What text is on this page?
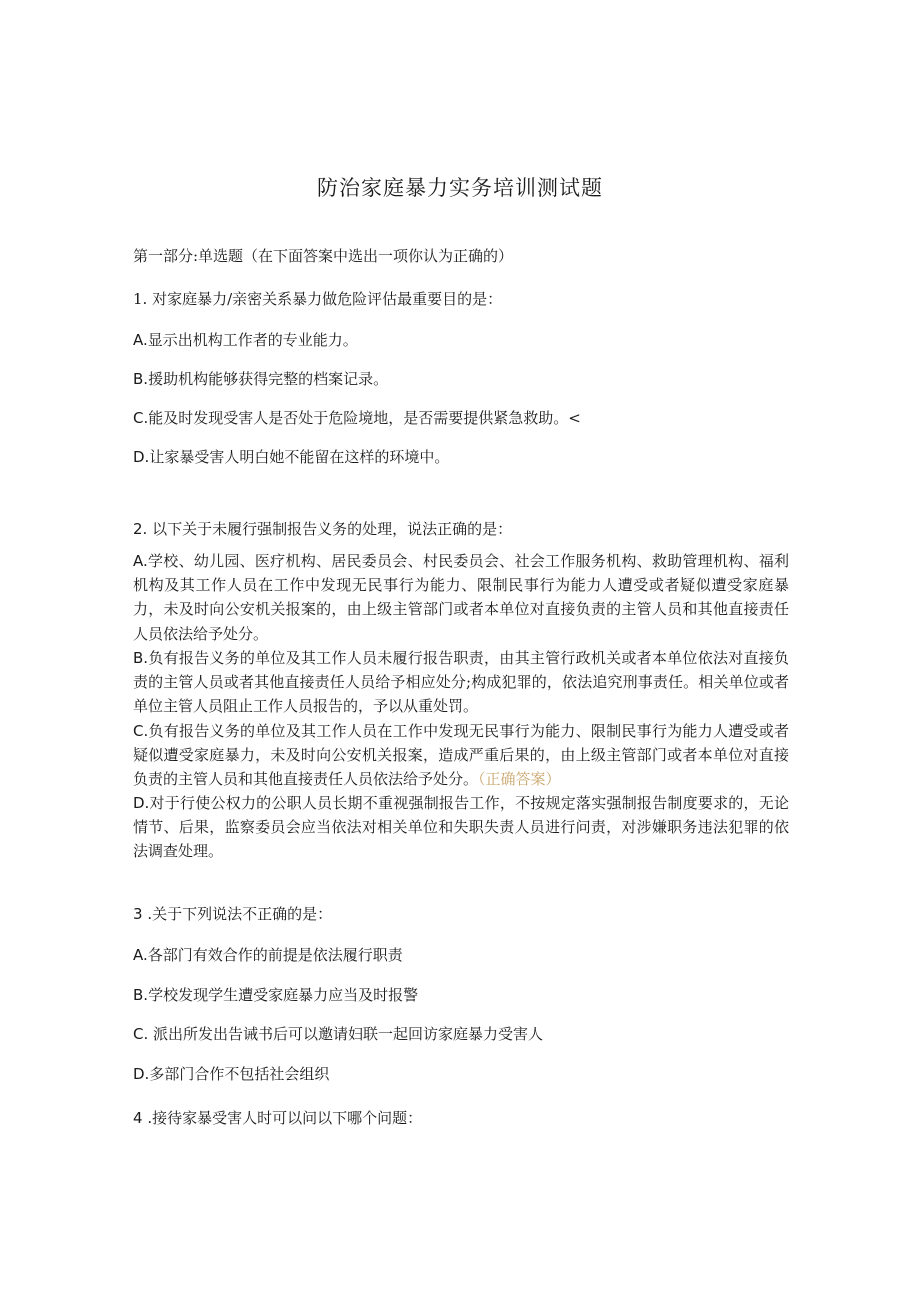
防治家庭暴力实务培训测试题
第一部分:单选题（在下面答案中选出一项你认为正确的）
1. 对家庭暴力/亲密关系暴力做危险评估最重要目的是：
A.显示出机构工作者的专业能力。
B.援助机构能够获得完整的档案记录。
C.能及时发现受害人是否处于危险境地，是否需要提供紧急救助。<
D.让家暴受害人明白她不能留在这样的环境中。
2. 以下关于未履行强制报告义务的处理，说法正确的是：
A.学校、幼儿园、医疗机构、居民委员会、村民委员会、社会工作服务机构、救助管理机构、福利机构及其工作人员在工作中发现无民事行为能力、限制民事行为能力人遭受或者疑似遭受家庭暴力，未及时向公安机关报案的，由上级主管部门或者本单位对直接负责的主管人员和其他直接责任人员依法给予处分。
B.负有报告义务的单位及其工作人员未履行报告职责，由其主管行政机关或者本单位依法对直接负责的主管人员或者其他直接责任人员给予相应处分;构成犯罪的，依法追究刑事责任。相关单位或者单位主管人员阻止工作人员报告的，予以从重处罚。
C.负有报告义务的单位及其工作人员在工作中发现无民事行为能力、限制民事行为能力人遭受或者疑似遭受家庭暴力，未及时向公安机关报案，造成严重后果的，由上级主管部门或者本单位对直接负责的主管人员和其他直接责任人员依法给予处分。（正确答案）
D.对于行使公权力的公职人员长期不重视强制报告工作，不按规定落实强制报告制度要求的，无论情节、后果，监察委员会应当依法对相关单位和失职失责人员进行问责，对涉嫌职务违法犯罪的依法调查处理。
3 .关于下列说法不正确的是：
A.各部门有效合作的前提是依法履行职责
B.学校发现学生遭受家庭暴力应当及时报警
C. 派出所发出告诫书后可以邀请妇联一起回访家庭暴力受害人
D.多部门合作不包括社会组织
4 .接待家暴受害人时可以问以下哪个问题：
